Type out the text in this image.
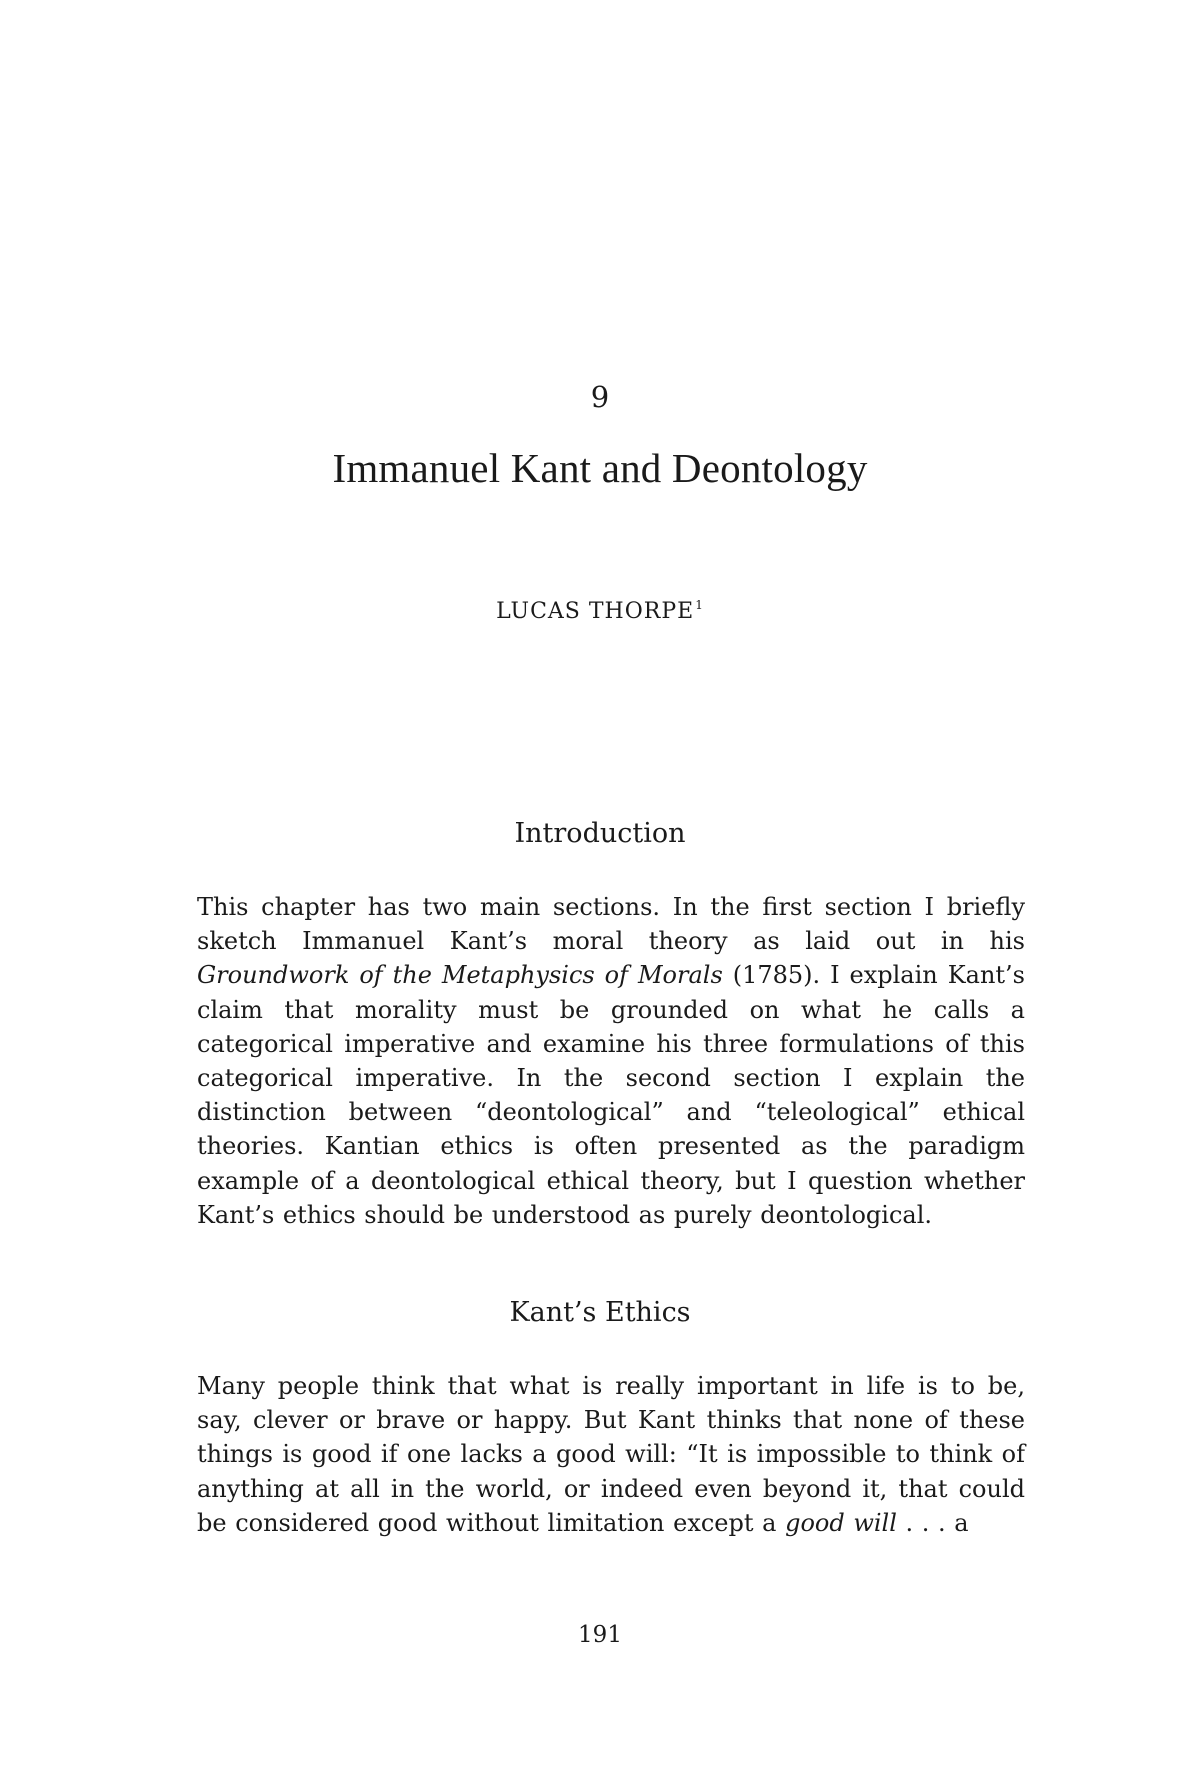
9
Immanuel Kant and Deontology
LUCAS THORPE$^1$
Introduction
This chapter has two main sections. In the first section I briefly sketch Immanuel Kant’s moral theory as laid out in his Groundwork of the Metaphysics of Morals (1785). I explain Kant’s claim that morality must be grounded on what he calls a categorical imperative and examine his three formulations of this categorical imperative. In the second section I explain the distinction between “deontological” and “teleological” ethical theories. Kantian ethics is often presented as the paradigm example of a deontological ethical theory, but I question whether Kant’s ethics should be understood as purely deontological.
Kant’s Ethics
Many people think that what is really important in life is to be, say, clever or brave or happy. But Kant thinks that none of these things is good if one lacks a good will: “It is impossible to think of anything at all in the world, or indeed even beyond it, that could be considered good without limitation except a good will . . . a
191
